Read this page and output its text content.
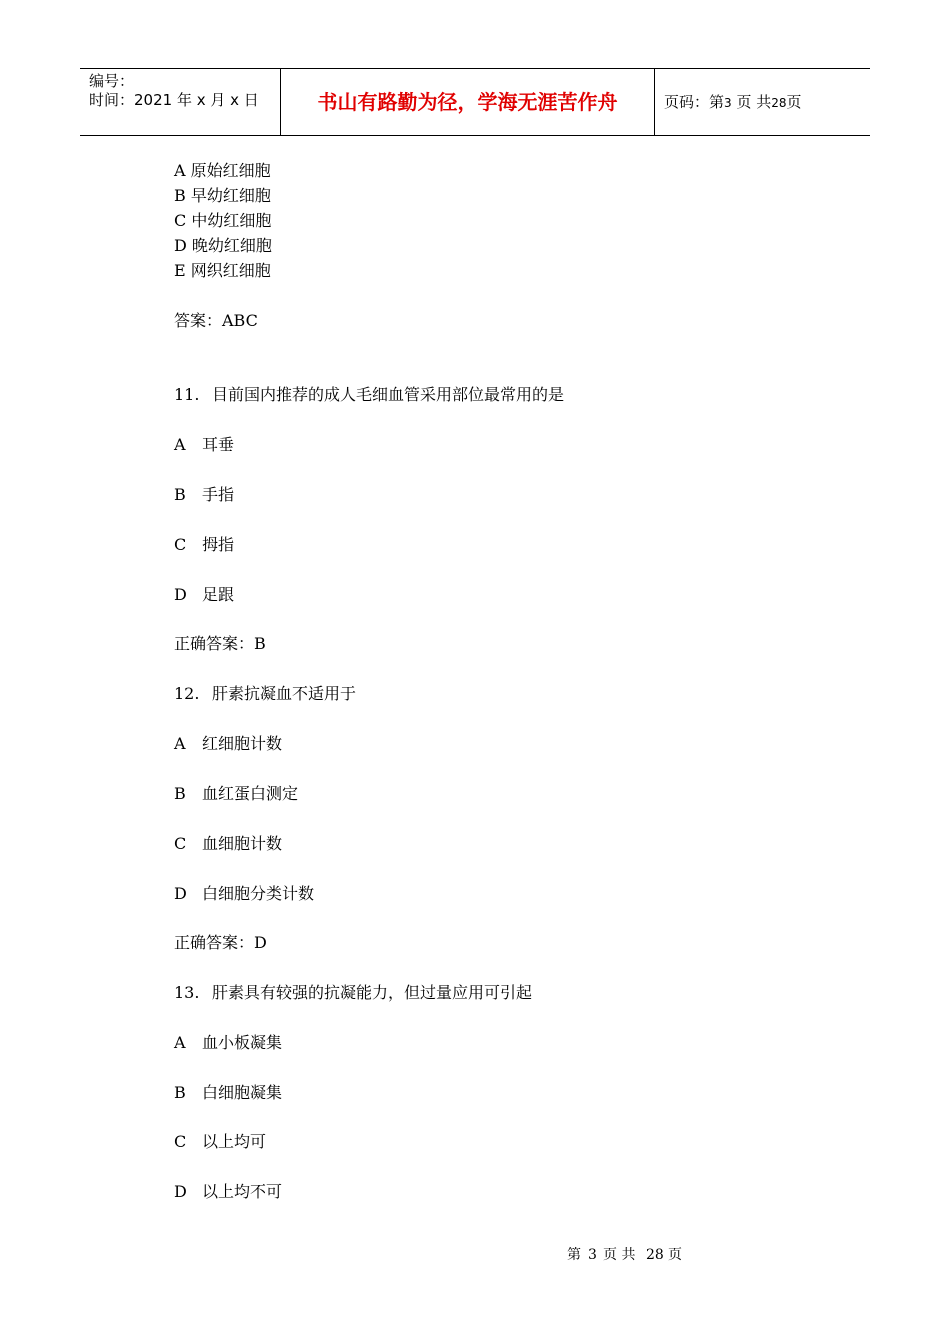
编号：
时间：2021 年 x 月 x 日	书山有路勤为径，学海无涯苦作舟	页码：第3 页 共28页
A 原始红细胞
B 早幼红细胞
C 中幼红细胞
D 晚幼红细胞
E 网织红细胞
答案：ABC
11. 目前国内推荐的成人毛细血管采用部位最常用的是
A 耳垂
B 手指
C 拇指
D 足跟
正确答案：B
12. 肝素抗凝血不适用于
A 红细胞计数
B 血红蛋白测定
C 血细胞计数
D 白细胞分类计数
正确答案：D
13. 肝素具有较强的抗凝能力，但过量应用可引起
A 血小板凝集
B 白细胞凝集
C 以上均可
D 以上均不可
第 3 页 共 28 页
